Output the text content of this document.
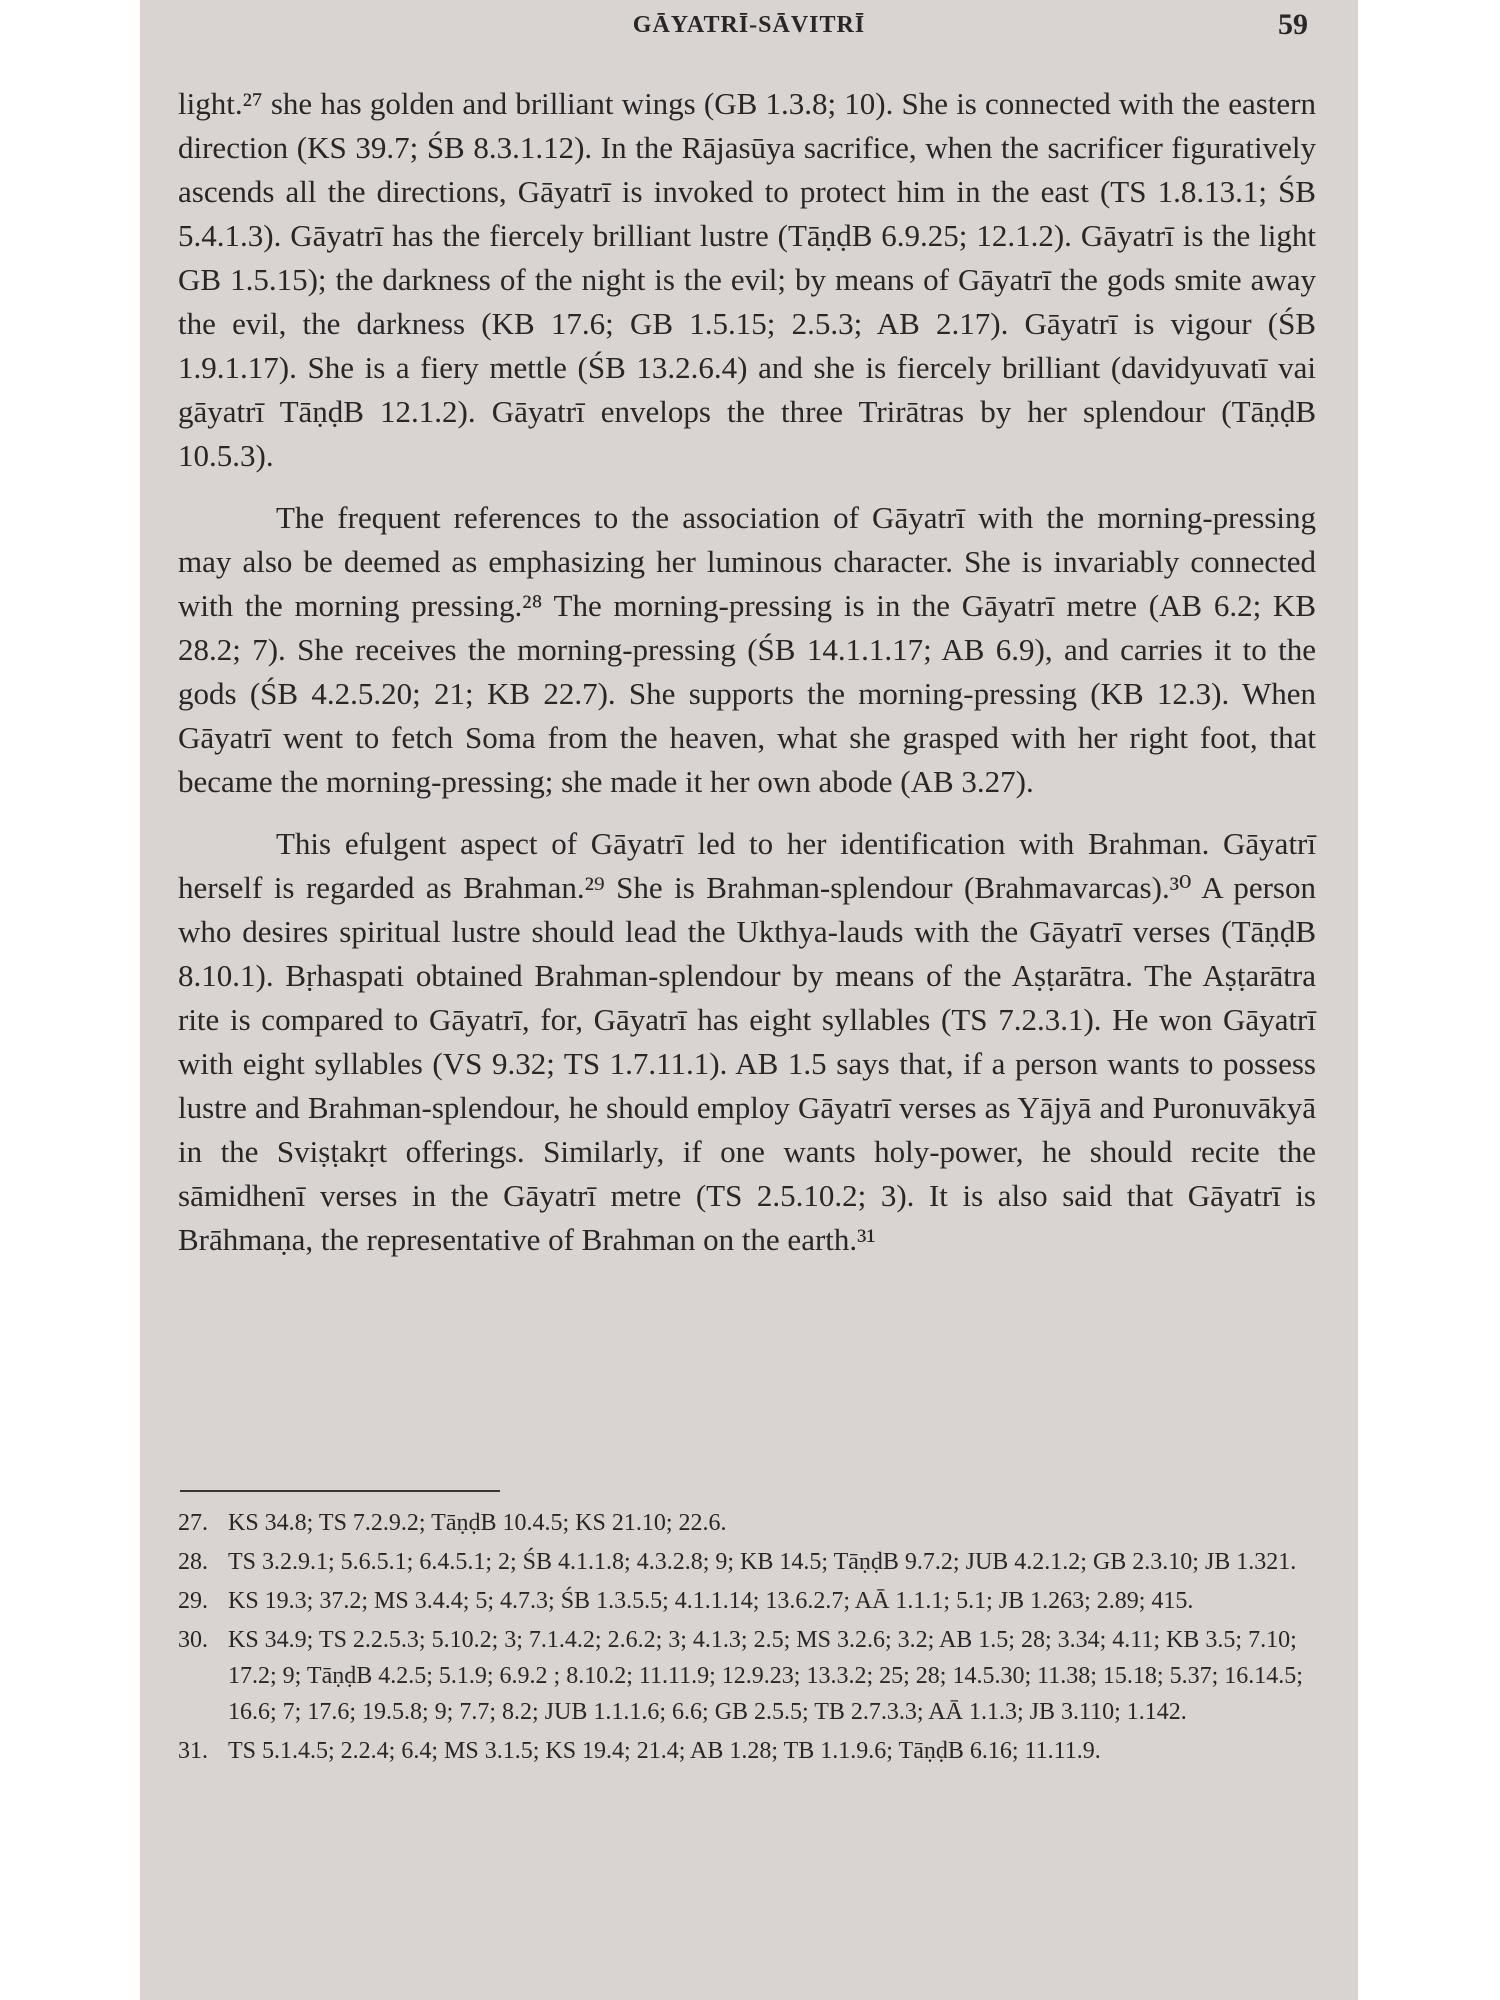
GĀYATRĪ-SĀVITRĪ	59

light.²⁷ she has golden and brilliant wings (GB 1.3.8; 10). She is connected with the eastern direction (KS 39.7; ŚB 8.3.1.12). In the Rājasūya sacrifice, when the sacrificer figuratively ascends all the directions, Gāyatrī is invoked to protect him in the east (TS 1.8.13.1; ŚB 5.4.1.3). Gāyatrī has the fiercely brilliant lustre (TāṇḍB 6.9.25; 12.1.2). Gāyatrī is the light GB 1.5.15); the darkness of the night is the evil; by means of Gāyatrī the gods smite away the evil, the darkness (KB 17.6; GB 1.5.15; 2.5.3; AB 2.17). Gāyatrī is vigour (ŚB 1.9.1.17). She is a fiery mettle (ŚB 13.2.6.4) and she is fiercely brilliant (davidyuvatī vai gāyatrī TāṇḍB 12.1.2). Gāyatrī envelops the three Trirātras by her splendour (TāṇḍB 10.5.3).

The frequent references to the association of Gāyatrī with the morning-pressing may also be deemed as emphasizing her luminous character. She is invariably connected with the morning pressing.²⁸ The morning-pressing is in the Gāyatrī metre (AB 6.2; KB 28.2; 7). She receives the morning-pressing (ŚB 14.1.1.17; AB 6.9), and carries it to the gods (ŚB 4.2.5.20; 21; KB 22.7). She supports the morning-pressing (KB 12.3). When Gāyatrī went to fetch Soma from the heaven, what she grasped with her right foot, that became the morning-pressing; she made it her own abode (AB 3.27).

This efulgent aspect of Gāyatrī led to her identification with Brahman. Gāyatrī herself is regarded as Brahman.²⁹ She is Brahman-splendour (Brahmavarcas).³⁰ A person who desires spiritual lustre should lead the Ukthya-lauds with the Gāyatrī verses (TāṇḍB 8.10.1). Bṛhaspati obtained Brahman-splendour by means of the Aṣṭarātra. The Aṣṭarātra rite is compared to Gāyatrī, for, Gāyatrī has eight syllables (TS 7.2.3.1). He won Gāyatrī with eight syllables (VS 9.32; TS 1.7.11.1). AB 1.5 says that, if a person wants to possess lustre and Brahman-splendour, he should employ Gāyatrī verses as Yājyā and Puronuvākyā in the Sviṣṭakṛt offerings. Similarly, if one wants holy-power, he should recite the sāmidhenī verses in the Gāyatrī metre (TS 2.5.10.2; 3). It is also said that Gāyatrī is Brāhmaṇa, the representative of Brahman on the earth.³¹

27. KS 34.8; TS 7.2.9.2; TāṇḍB 10.4.5; KS 21.10; 22.6.
28. TS 3.2.9.1; 5.6.5.1; 6.4.5.1; 2; ŚB 4.1.1.8; 4.3.2.8; 9; KB 14.5; TāṇḍB 9.7.2; JUB 4.2.1.2; GB 2.3.10; JB 1.321.
29. KS 19.3; 37.2; MS 3.4.4; 5; 4.7.3; ŚB 1.3.5.5; 4.1.1.14; 13.6.2.7; AĀ 1.1.1; 5.1; JB 1.263; 2.89; 415.
30. KS 34.9; TS 2.2.5.3; 5.10.2; 3; 7.1.4.2; 2.6.2; 3; 4.1.3; 2.5; MS 3.2.6; 3.2; AB 1.5; 28; 3.34; 4.11; KB 3.5; 7.10; 17.2; 9; TāṇḍB 4.2.5; 5.1.9; 6.9.2 ; 8.10.2; 11.11.9; 12.9.23; 13.3.2; 25; 28; 14.5.30; 11.38; 15.18; 5.37; 16.14.5; 16.6; 7; 17.6; 19.5.8; 9; 7.7; 8.2; JUB 1.1.1.6; 6.6; GB 2.5.5; TB 2.7.3.3; AĀ 1.1.3; JB 3.110; 1.142.
31. TS 5.1.4.5; 2.2.4; 6.4; MS 3.1.5; KS 19.4; 21.4; AB 1.28; TB 1.1.9.6; TāṇḍB 6.16; 11.11.9.
